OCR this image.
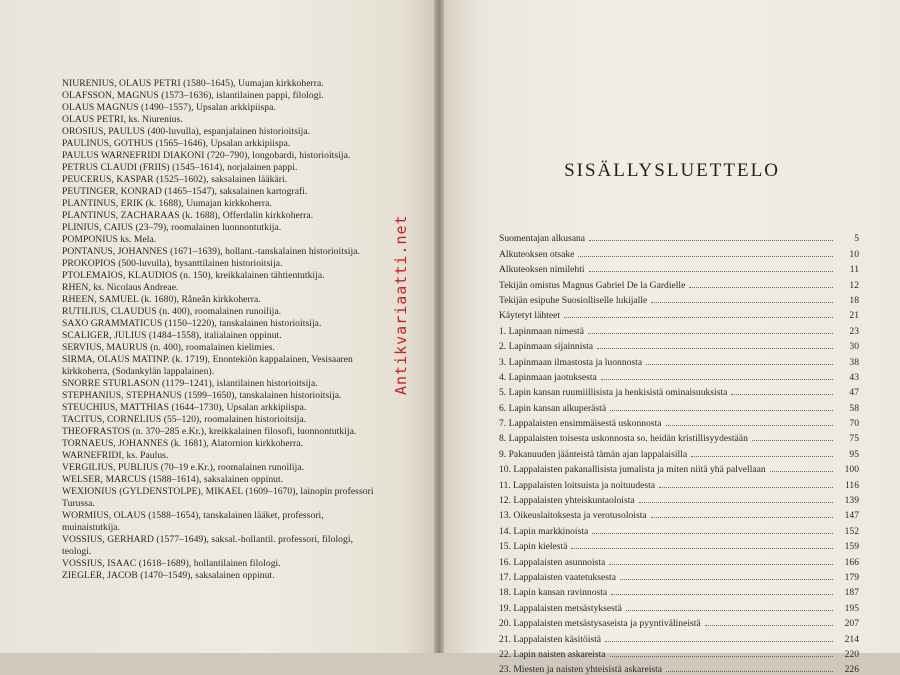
NIURENIUS, OLAUS PETRI (1580–1645), Uumajan kirkkoherra.
OLAFSSON, MAGNUS (1573–1636), islantilainen pappi, filologi.
OLAUS MAGNUS (1490–1557), Upsalan arkkipiispa.
OLAUS PETRI, ks. Niurenius.
OROSIUS, PAULUS (400-luvulla), espanjalainen historioitsija.
PAULINUS, GOTHUS (1565–1646), Upsalan arkkipiispa.
PAULUS WARNEFRIDI DIAKONI (720–790), longobardi, historioitsija.
PETRUS CLAUDI (FRIIS) (1545–1614), norjalainen pappi.
PEUCERUS, KASPAR (1525–1602), saksalainen lääkäri.
PEUTINGER, KONRAD (1465–1547), saksalainen kartografi.
PLANTINUS, ERIK (k. 1688), Uumajan kirkkoherra.
PLANTINUS, ZACHARAAS (k. 1688), Offerdalin kirkkoherra.
PLINIUS, CAIUS (23–79), roomalainen luonnontutkija.
POMPONIUS ks. Mela.
PONTANUS, JOHANNES (1671–1639), hollant.-tanskalainen historioitsija.
PROKOPIOS (500-luvulla), bysanttilainen historioitsija.
PTOLEMAIOS, KLAUDIOS (n. 150), kreikkalainen tähtientutkija.
RHEN, ks. Nicolaus Andreae.
RHEEN, SAMUEL (k. 1680), Råneån kirkkoherra.
RUTILIUS, CLAUDUS (n. 400), roomalainen runoilija.
SAXO GRAMMATICUS (1150–1220), tanskalainen historioitsija.
SCALIGER, JULIUS (1484–1558), italialainen oppinut.
SERVIUS, MAURUS (n. 400), roomalainen kielimies.
SIRMA, OLAUS MATINP. (k. 1719), Enontekiön kappalainen, Vesisaaren kirkkoherra, (Sodankylän lappalainen).
SNORRE STURLASON (1179–1241), islantilainen historioitsija.
STEPHANIUS, STEPHANUS (1599–1650), tanskalainen historioitsija.
STEUCHIUS, MATTHIAS (1644–1730), Upsalan arkkipiispa.
TACITUS, CORNELIUS (55–120), roomalainen historioitsija.
THEOFRASTOS (n. 370–285 e.Kr.), kreikkalainen filosofi, luonnontutkija.
TORNAEUS, JOHANNES (k. 1681), Alatornion kirkkoherra.
WARNEFRIDI, ks. Paulus.
VERGILIUS, PUBLIUS (70–19 e.Kr.), roomalainen runoilija.
WELSER, MARCUS (1588–1614), saksalainen oppinut.
WEXIONIUS (GYLDENSTOLPE), MIKAEL (1609–1670), lainopin professori Turussa.
WORMIUS, OLAUS (1588–1654), tanskalainen lääket, professori, muinaistutkija.
VOSSIUS, GERHARD (1577–1649), saksal.-hollantil. professori, filologi, teologi.
VOSSIUS, ISAAC (1618–1689), hollantilainen filologi.
ZIEGLER, JACOB (1470–1549), saksalainen oppinut.
SISÄLLYSLUETTELO
Suomentajan alkusana	5
Alkuteoksen otsake	10
Alkuteoksen nimilehti	11
Tekijän omistus Magnus Gabriel De la Gardielle	12
Tekijän esipuhe Suosiolliselle lukijalle	18
Käytetyt lähteet	21
1. Lapinmaan nimestä	23
2. Lapinmaan sijainnista	30
3. Lapinmaan ilmastosta ja luonnosta	38
4. Lapinmaan jaotuksesta	43
5. Lapin kansan ruumiillisista ja henkisistä ominaisuuksista	47
6. Lapin kansan alkuperästä	58
7. Lappalaisten ensimmäisestä uskonnosta	70
8. Lappalaisten toisesta uskonnosta so. heidän kristillisyydestään	75
9. Pakanuuden jäänteistä tämän ajan lappalaisilla	95
10. Lappalaisten pakanallisista jumalista ja miten niitä yhä palvellaan	100
11. Lappalaisten loitsuista ja noituudesta	116
12. Lappalaisten yhteiskuntaoloista	139
13. Oikeuslaitoksesta ja verotusoloista	147
14. Lapin markkinoista	152
15. Lapin kielestä	159
16. Lappalaisten asunnoista	166
17. Lappalaisten vaatetuksesta	179
18. Lapin kansan ravinnosta	187
19. Lappalaisten metsästyksestä	195
20. Lappalaisten metsästysaseista ja pyyntivälineistä	207
21. Lappalaisten käsitöistä	214
22. Lapin naisten askareista	220
23. Miesten ja naisten yhteisistä askareista	226
Antikvariaatti.net
